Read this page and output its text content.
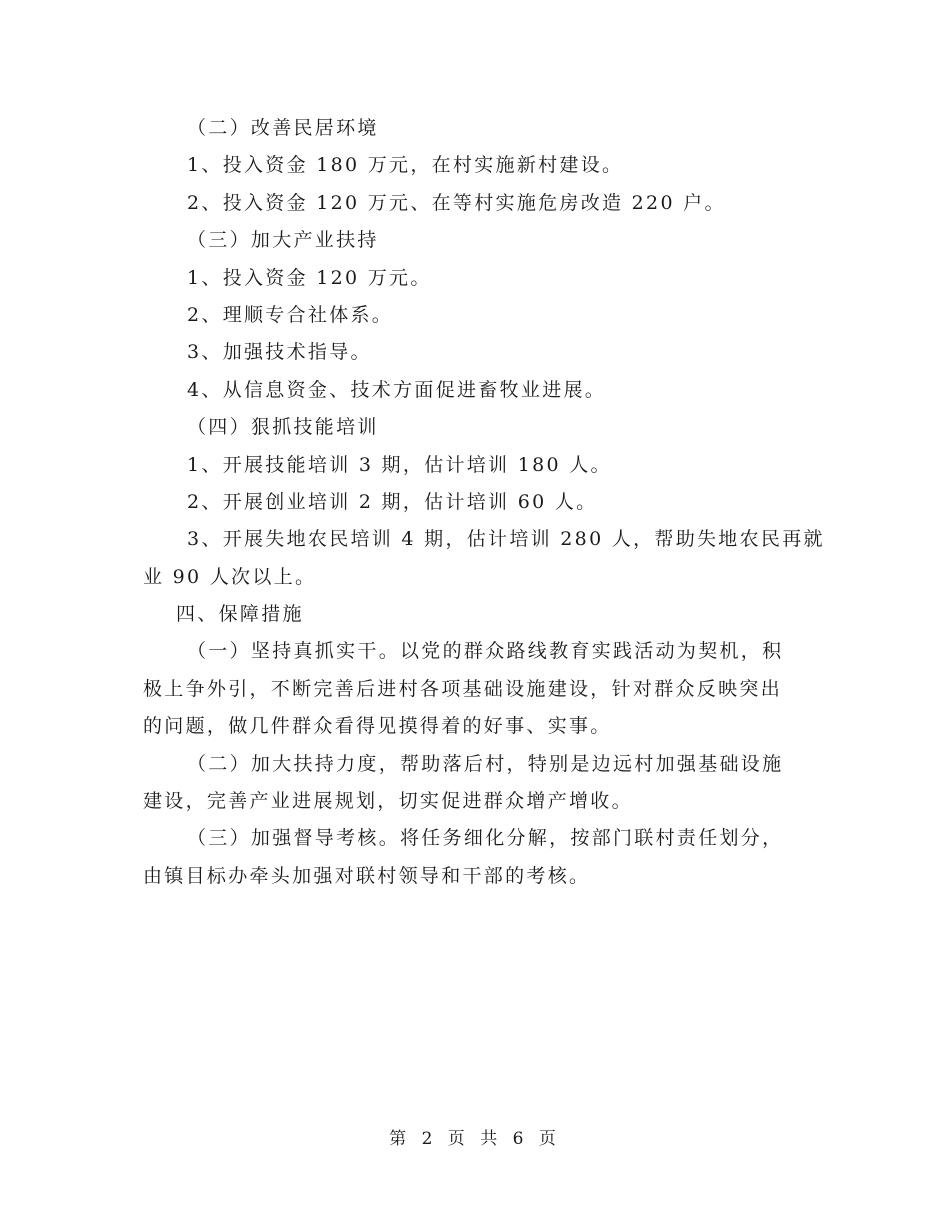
（二）改善民居环境
1、投入资金 180 万元，在村实施新村建设。
2、投入资金 120 万元、在等村实施危房改造 220 户。
（三）加大产业扶持
1、投入资金 120 万元。
2、理顺专合社体系。
3、加强技术指导。
4、从信息资金、技术方面促进畜牧业进展。
（四）狠抓技能培训
1、开展技能培训 3 期，估计培训 180 人。
2、开展创业培训 2 期，估计培训 60 人。
3、开展失地农民培训 4 期，估计培训 280 人，帮助失地农民再就
业 90 人次以上。
四、保障措施
（一）坚持真抓实干。以党的群众路线教育实践活动为契机，积
极上争外引，不断完善后进村各项基础设施建设，针对群众反映突出
的问题，做几件群众看得见摸得着的好事、实事。
（二）加大扶持力度，帮助落后村，特别是边远村加强基础设施
建设，完善产业进展规划，切实促进群众增产增收。
（三）加强督导考核。将任务细化分解，按部门联村责任划分，
由镇目标办牵头加强对联村领导和干部的考核。
第 2 页 共 6 页
